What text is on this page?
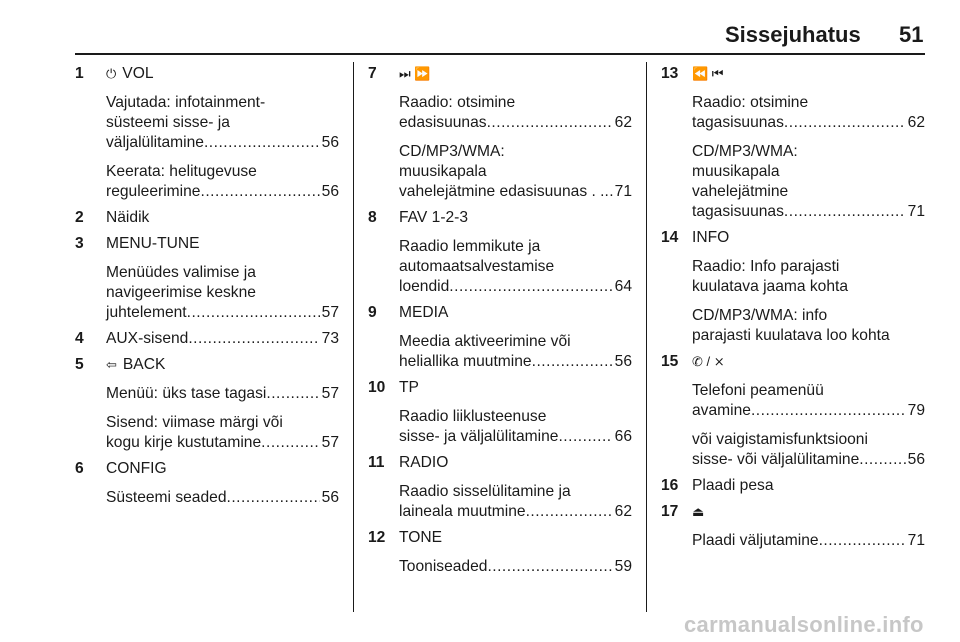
Sissejuhatus 51
1 ⏻ VOL
Vajutada: infotainment-
süsteemi sisse- ja
väljalülitamine .....	56
Keerata: helitugevuse
reguleerimine .....	56
2 Näidik
3 MENU-TUNE
Menüüdes valimise ja
navigeerimise keskne
juhtelement .....	57
4 AUX-sisend .....	73
5 ⇦ BACK
Menüü: üks tase tagasi .....	57
Sisend: viimase märgi või
kogu kirje kustutamine .....	57
6 CONFIG
Süsteemi seaded .....	56
7 ⏭ ⏩
Raadio: otsimine
edasisuunas .....	62
CD/MP3/WMA:
muusikapala
vahelejätmine edasisuunas . . ..... 71
8 FAV 1-2-3
Raadio lemmikute ja
automaatsalvestamise
loendid .....	64
9 MEDIA
Meedia aktiveerimine või
heliallika muutmine .....	56
10 TP
Raadio liiklusteenuse
sisse- ja väljalülitamine .....	66
11 RADIO
Raadio sisselülitamine ja
laineala muutmine .....	62
12 TONE
Tooniseaded .....	59
13 ⏪ ⏮
Raadio: otsimine
tagasisuunas .....	62
CD/MP3/WMA:
muusikapala
vahelejätmine
tagasisuunas .....	71
14 INFO
Raadio: Info parajasti
kuulatava jaama kohta
CD/MP3/WMA: info
parajasti kuulatava loo kohta
15 ✆ / ⨯
Telefoni peamenüü
avamine .....	79
või vaigistamisfunktsiooni
sisse- või väljalülitamine .....	56
16 Plaadi pesa
17 ⏏
Plaadi väljutamine .....	71
carmanualsonline.info
